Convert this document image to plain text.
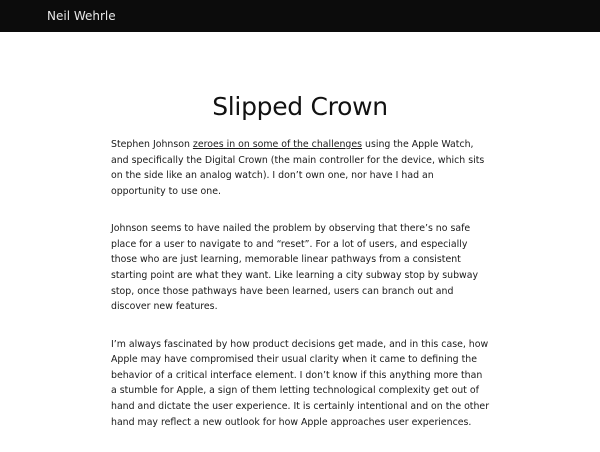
Neil Wehrle
Slipped Crown

Stephen Johnson zeroes in on some of the challenges using the Apple Watch, and specifically the Digital Crown (the main controller for the device, which sits on the side like an analog watch). I don’t own one, nor have I had an opportunity to use one.

Johnson seems to have nailed the problem by observing that there’s no safe place for a user to navigate to and “reset”. For a lot of users, and especially those who are just learning, memorable linear pathways from a consistent starting point are what they want. Like learning a city subway stop by subway stop, once those pathways have been learned, users can branch out and discover new features.

I’m always fascinated by how product decisions get made, and in this case, how Apple may have compromised their usual clarity when it came to defining the behavior of a critical interface element. I don’t know if this anything more than a stumble for Apple, a sign of them letting technological complexity get out of hand and dictate the user experience. It is certainly intentional and on the other hand may reflect a new outlook for how Apple approaches user experiences.
